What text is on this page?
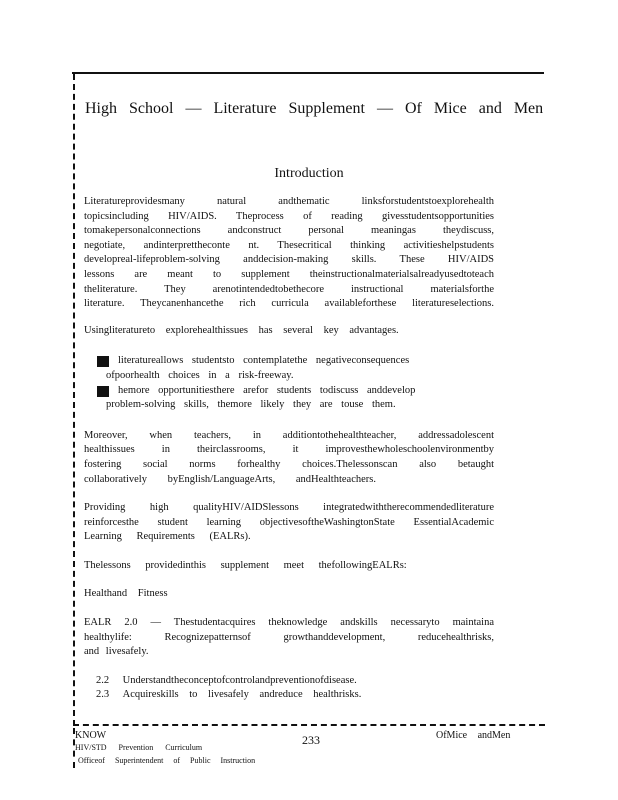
High School — Literature Supplement — Of Mice and Men
Introduction

Literatureprovidesmany natural andthematic linksforstudentstoexplorehealth

topicsincluding HIV/AIDS. Theprocess of reading givesstudentsopportunities

tomakepersonalconnections andconstruct personal meaningas theydiscuss,

negotiate, andinterprettheconte nt. Thesecritical thinking activitieshelpstudents

developreal-lifeproblem-solving anddecision-making skills. These HIV/AIDS

lessons are meant to supplement theinstructionalmaterialsalreadyusedtoteach

theliterature. They arenotintendedtobethecore instructional materialsforthe

literature. Theycanenhancethe rich curricula availableforthese literatureselections.

Usingliteratureto explorehealthissues has several key advantages.

literatureallows studentsto contemplatethe negativeconsequences
ofpoorhealth choices in a risk-freeway.
hemore opportunitiesthere arefor students todiscuss anddevelop
problem-solving skills, themore likely they are touse them.

Moreover, when teachers, in additiontothehealthteacher, addressadolescent

healthissues in theirclassrooms, it improvesthewholeschoolenvironmentby

fostering social norms forhealthy choices.Thelessonscan also betaught

collaboratively byEnglish/LanguageArts, andHealthteachers.

Providing high qualityHIV/AIDSlessons integratedwiththerecommendedliterature

reinforcesthe student learning objectivesoftheWashingtonState EssentialAcademic

Learning Requirements (EALRs).

Thelessons providedinthis supplement meet thefollowingEALRs:

Healthand Fitness

EALR 2.0 — Thestudentacquires theknowledge andskills necessaryto maintaina

healthylife: Recognizepatternsof growthanddevelopment, reducehealthrisks,

and livesafely.

2.2 Understandtheconceptofcontrolandpreventionofdisease.

2.3 Acquireskills to livesafely andreduce healthrisks.

KNOW
HIV/STD Prevention Curriculum
Officeof Superintendent of Public Instruction
233	OfMice andMen
